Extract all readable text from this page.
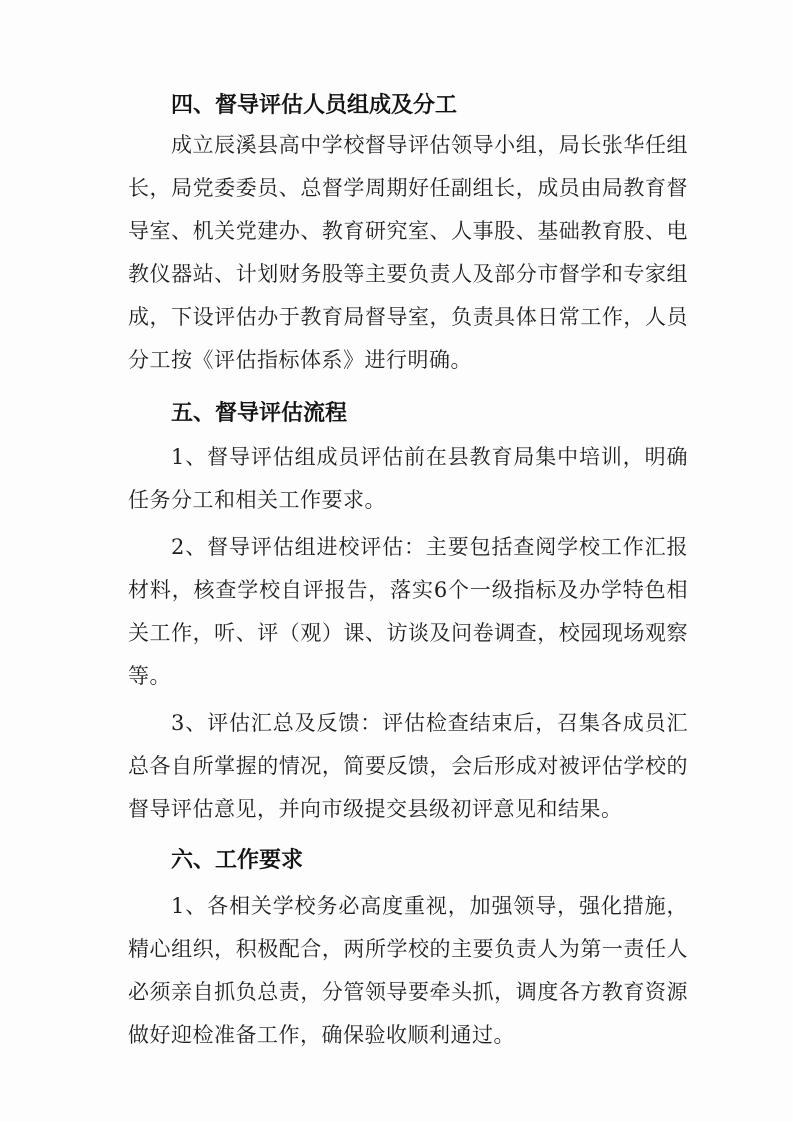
四、督导评估人员组成及分工

成立辰溪县高中学校督导评估领导小组，局长张华任组长，局党委委员、总督学周期好任副组长，成员由局教育督导室、机关党建办、教育研究室、人事股、基础教育股、电教仪器站、计划财务股等主要负责人及部分市督学和专家组成，下设评估办于教育局督导室，负责具体日常工作，人员分工按《评估指标体系》进行明确。

五、督导评估流程

1、督导评估组成员评估前在县教育局集中培训，明确任务分工和相关工作要求。

2、督导评估组进校评估：主要包括查阅学校工作汇报材料，核查学校自评报告，落实6个一级指标及办学特色相关工作，听、评（观）课、访谈及问卷调查，校园现场观察等。

3、评估汇总及反馈：评估检查结束后，召集各成员汇总各自所掌握的情况，简要反馈，会后形成对被评估学校的督导评估意见，并向市级提交县级初评意见和结果。

六、工作要求

1、各相关学校务必高度重视，加强领导，强化措施，精心组织，积极配合，两所学校的主要负责人为第一责任人必须亲自抓负总责，分管领导要牵头抓，调度各方教育资源做好迎检准备工作，确保验收顺利通过。
